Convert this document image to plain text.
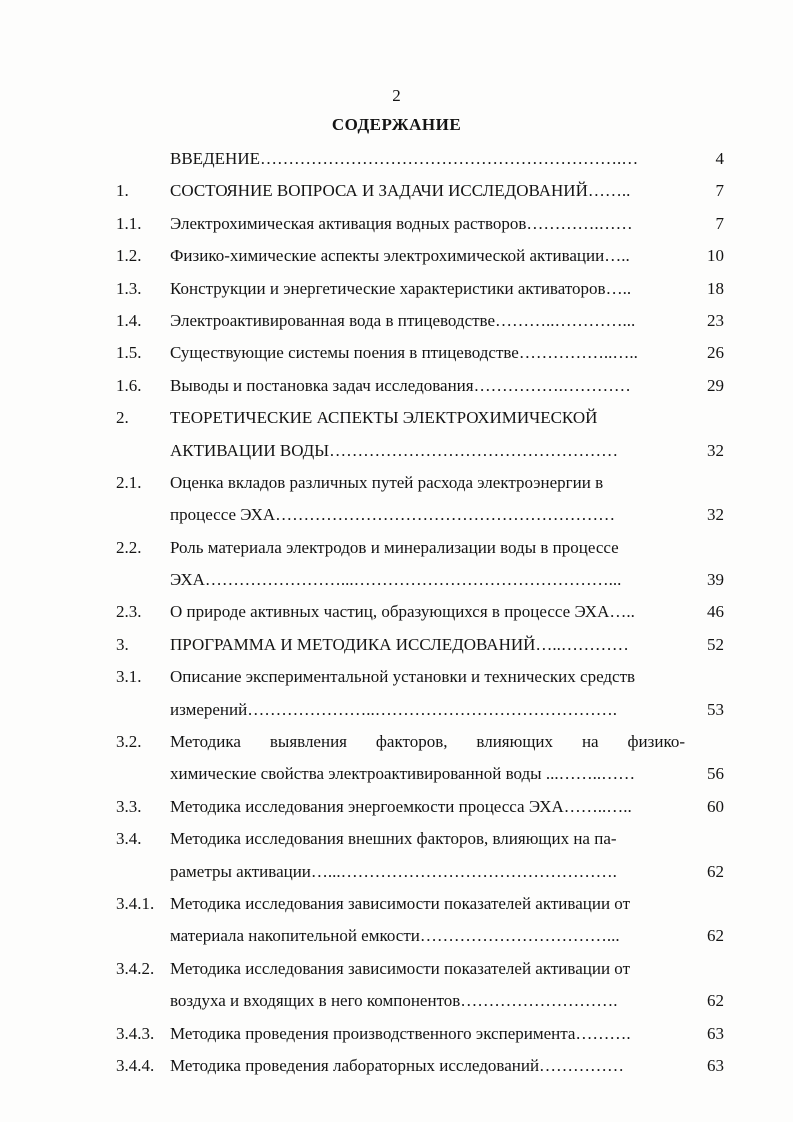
2
СОДЕРЖАНИЕ
ВВЕДЕНИЕ……………………………………………………….…	4
1. СОСТОЯНИЕ ВОПРОСА И ЗАДАЧИ ИССЛЕДОВАНИЙ……..	7
1.1. Электрохимическая активация водных растворов………….……	7
1.2. Физико-химические аспекты электрохимической активации…..	10
1.3. Конструкции и энергетические характеристики активаторов…..	18
1.4. Электроактивированная вода в птицеводстве………..…………...	23
1.5. Существующие системы поения в птицеводстве……………..…..	26
1.6. Выводы и постановка задач исследования…………….…………	29
2. ТЕОРЕТИЧЕСКИЕ АСПЕКТЫ ЭЛЕКТРОХИМИЧЕСКОЙ
АКТИВАЦИИ ВОДЫ……………………………………………	32
2.1. Оценка вкладов различных путей расхода электроэнергии в
процессе ЭХА……………………………………………………	32
2.2. Роль материала электродов и минерализации воды в процессе
ЭХА……………………...………………………………………...	39
2.3. О природе активных частиц, образующихся в процессе ЭХА…..	46
3. ПРОГРАММА И МЕТОДИКА ИССЛЕДОВАНИЙ…..…………	52
3.1. Описание экспериментальной установки и технических средств
измерений…………………..…………………………………….	53
3.2. Методика выявления факторов, влияющих на физико-
химические свойства электроактивированной воды ...……..……	56
3.3. Методика исследования энергоемкости процесса ЭХА……..…..	60
3.4. Методика исследования внешних факторов, влияющих на па-
раметры активации…...………………………………………….	62
3.4.1. Методика исследования зависимости показателей активации от
материала накопительной емкости……………………………...	62
3.4.2. Методика исследования зависимости показателей активации от
воздуха и входящих в него компонентов……………………….	62
3.4.3. Методика проведения производственного эксперимента……….	63
3.4.4. Методика проведения лабораторных исследований……………	63
